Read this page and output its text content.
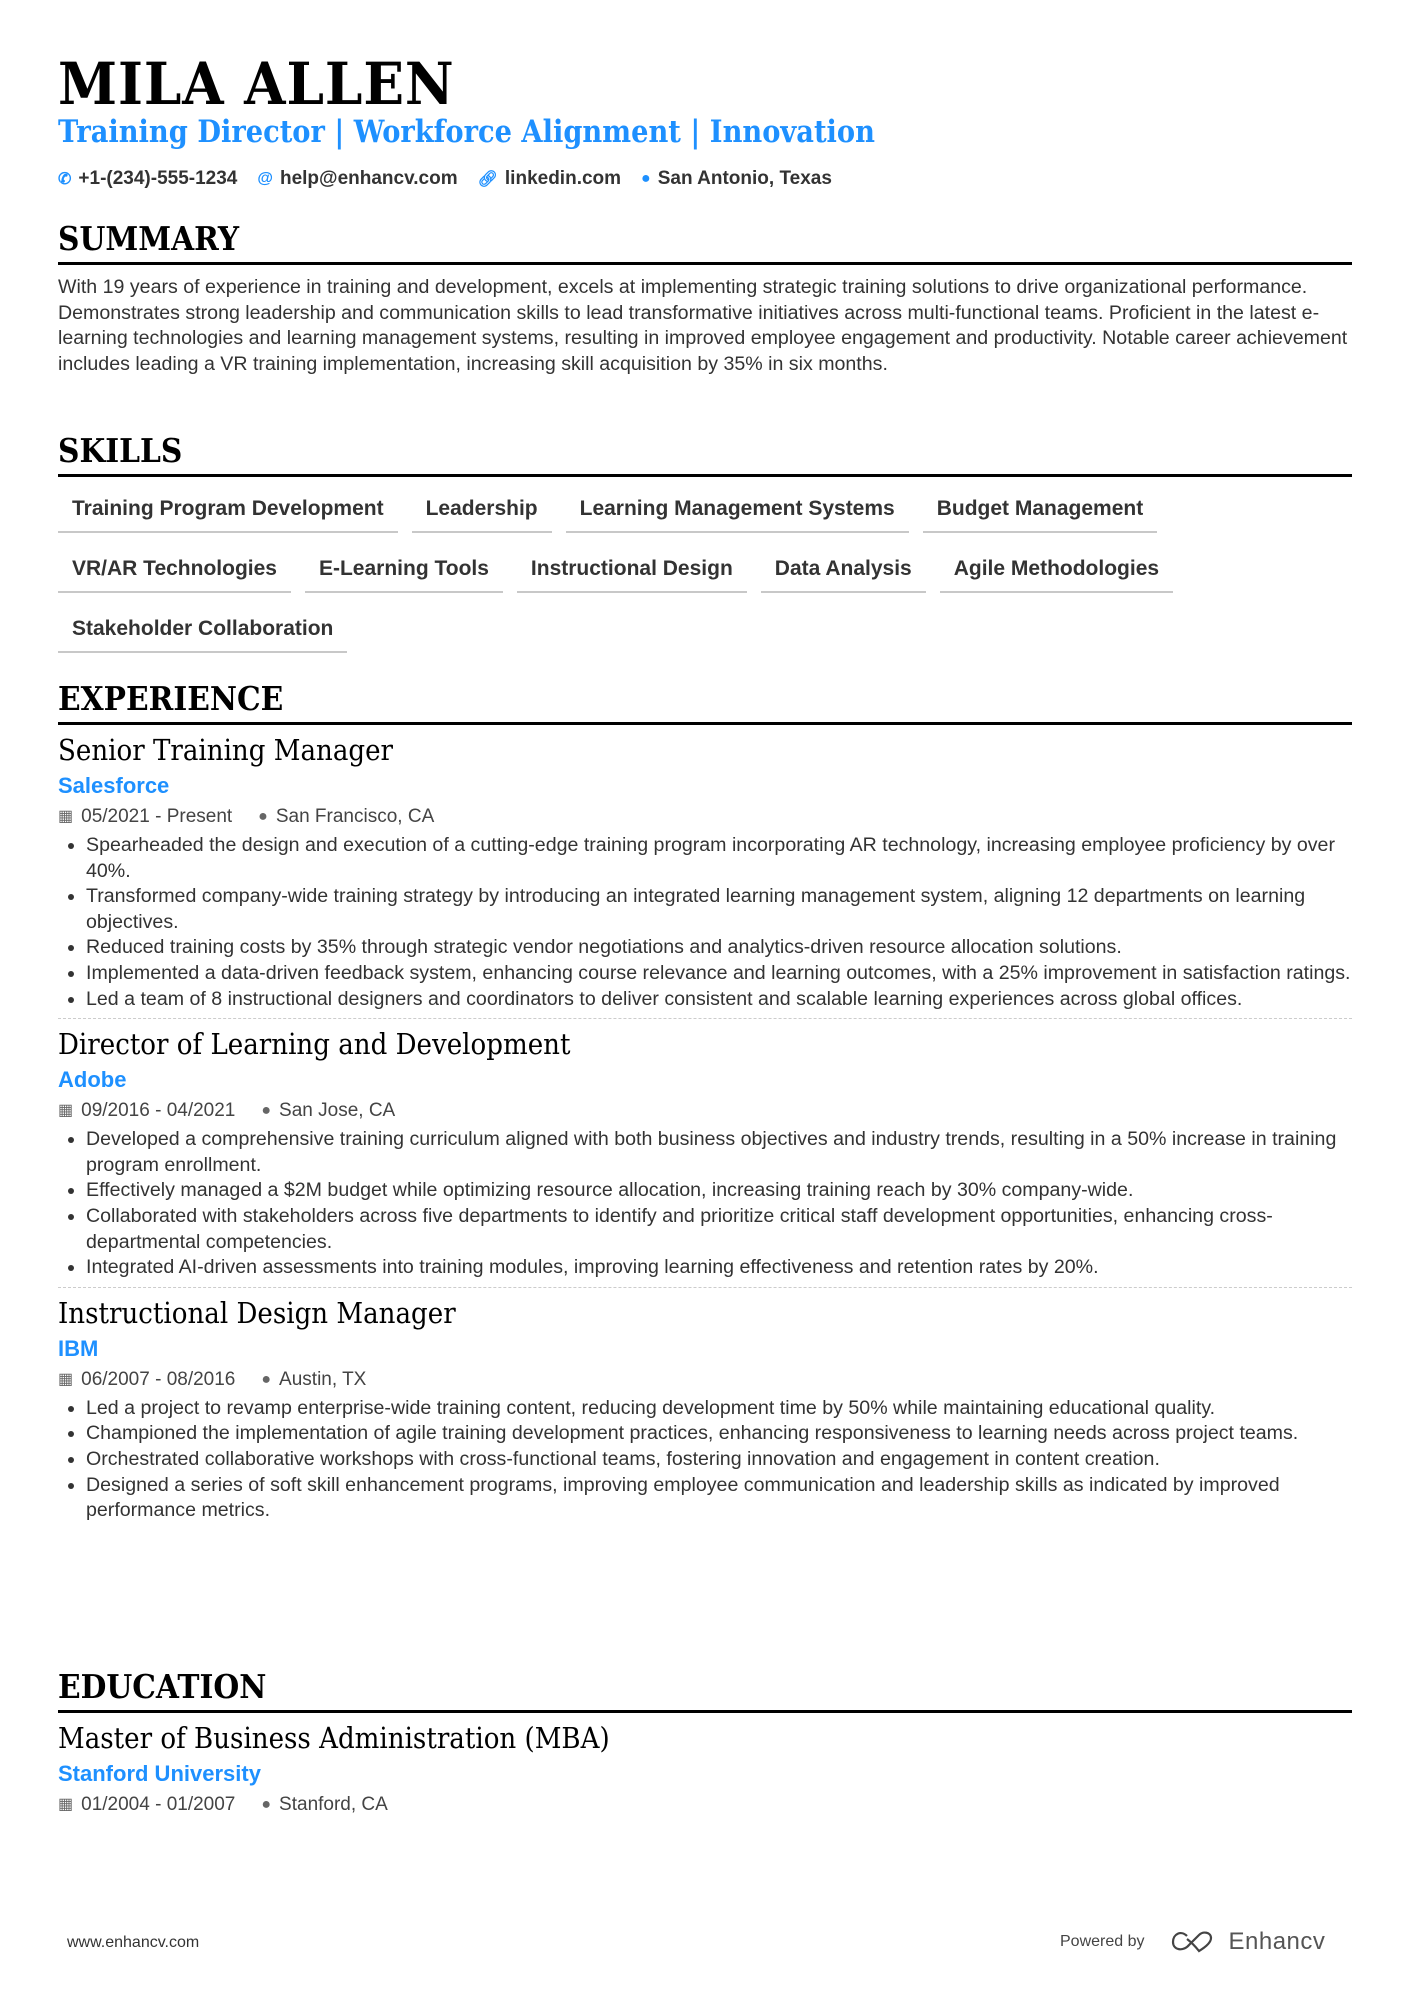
MILA ALLEN
Training Director | Workforce Alignment | Innovation
✆ +1-(234)-555-1234 @ help@enhancv.com 🔗︎ linkedin.com ● San Antonio, Texas
SUMMARY

With 19 years of experience in training and development, excels at implementing strategic training solutions to drive organizational performance. Demonstrates strong leadership and communication skills to lead transformative initiatives across multi-functional teams. Proficient in the latest e-learning technologies and learning management systems, resulting in improved employee engagement and productivity. Notable career achievement includes leading a VR training implementation, increasing skill acquisition by 35% in six months.

SKILLS
Training Program Development	Leadership	Learning Management Systems	Budget Management
VR/AR Technologies	E-Learning Tools	Instructional Design	Data Analysis	Agile Methodologies
Stakeholder Collaboration
EXPERIENCE
Senior Training Manager
Salesforce
▦ 05/2021 - Present ● San Francisco, CA
• Spearheaded the design and execution of a cutting-edge training program incorporating AR technology, increasing employee proficiency by over 40%.
• Transformed company-wide training strategy by introducing an integrated learning management system, aligning 12 departments on learning objectives.
• Reduced training costs by 35% through strategic vendor negotiations and analytics-driven resource allocation solutions.
• Implemented a data-driven feedback system, enhancing course relevance and learning outcomes, with a 25% improvement in satisfaction ratings.
• Led a team of 8 instructional designers and coordinators to deliver consistent and scalable learning experiences across global offices.
Director of Learning and Development
Adobe
▦ 09/2016 - 04/2021 ● San Jose, CA
• Developed a comprehensive training curriculum aligned with both business objectives and industry trends, resulting in a 50% increase in training program enrollment.
• Effectively managed a $2M budget while optimizing resource allocation, increasing training reach by 30% company-wide.
• Collaborated with stakeholders across five departments to identify and prioritize critical staff development opportunities, enhancing cross-departmental competencies.
• Integrated AI-driven assessments into training modules, improving learning effectiveness and retention rates by 20%.
Instructional Design Manager
IBM
▦ 06/2007 - 08/2016 ● Austin, TX
• Led a project to revamp enterprise-wide training content, reducing development time by 50% while maintaining educational quality.
• Championed the implementation of agile training development practices, enhancing responsiveness to learning needs across project teams.
• Orchestrated collaborative workshops with cross-functional teams, fostering innovation and engagement in content creation.
• Designed a series of soft skill enhancement programs, improving employee communication and leadership skills as indicated by improved performance metrics.
EDUCATION
Master of Business Administration (MBA)
Stanford University
▦ 01/2004 - 01/2007 ● Stanford, CA
www.enhancv.com	Powered by	Enhancv
